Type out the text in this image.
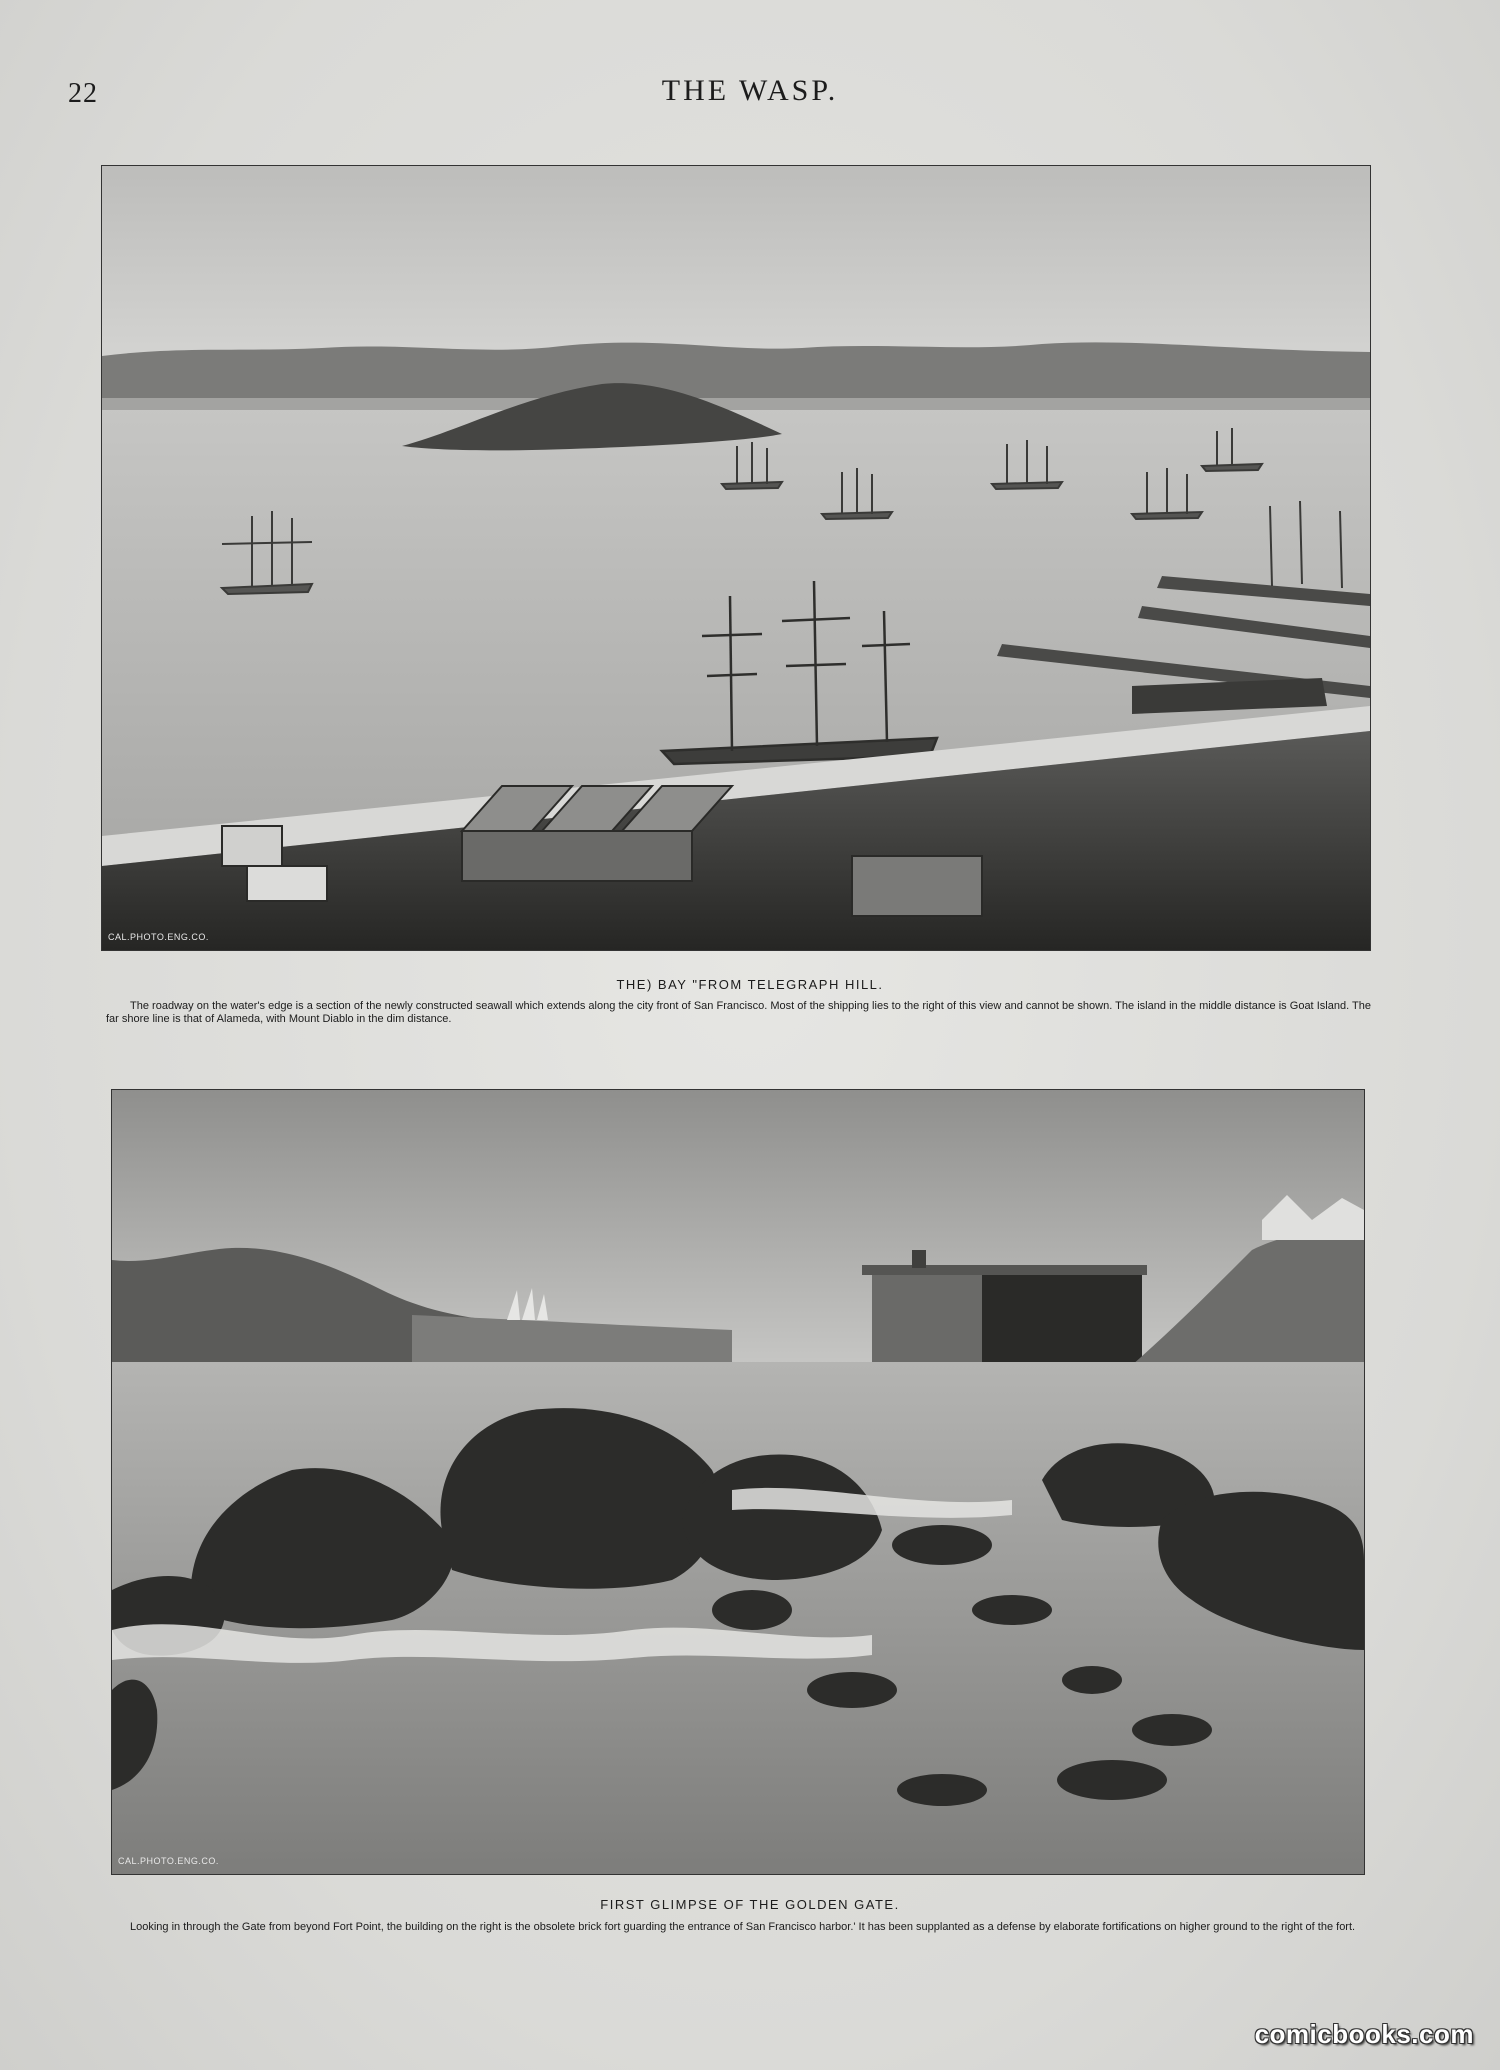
22	THE WASP.
CAL.PHOTO.ENG.CO.
THE) BAY "FROM TELEGRAPH HILL.
The roadway on the water's edge is a section of the newly constructed seawall which extends along the city front of San Francisco. Most of the shipping lies to the right of this view and cannot be shown. The island in the middle distance is Goat Island. The far shore line is that of Alameda, with Mount Diablo in the dim distance.
CAL.PHOTO.ENG.CO.
FIRST GLIMPSE OF THE GOLDEN GATE.
Looking in through the Gate from beyond Fort Point, the building on the right is the obsolete brick fort guarding the entrance of San Francisco harbor.' It has been supplanted as a defense by elaborate fortifications on higher ground to the right of the fort.
comicbooks.com
